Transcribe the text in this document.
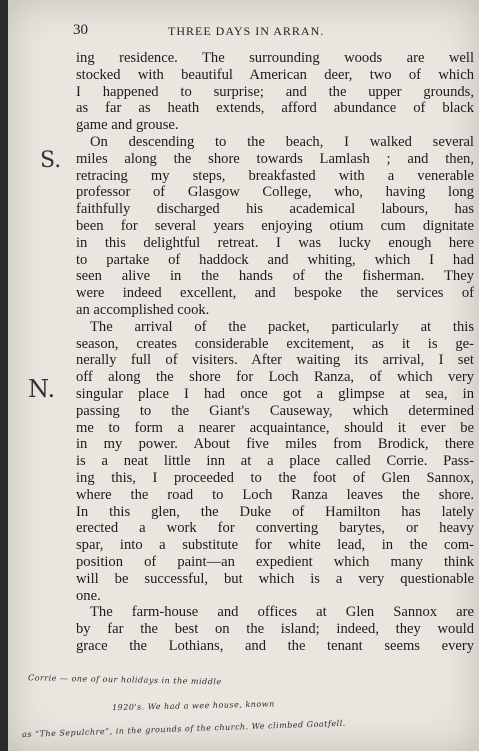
30	THREE DAYS IN ARRAN.
ing residence. The surrounding woods are well
stocked with beautiful American deer, two of which
I happened to surprise; and the upper grounds,
as far as heath extends, afford abundance of black
game and grouse.
On descending to the beach, I walked several
miles along the shore towards Lamlash ; and then,
retracing my steps, breakfasted with a venerable
professor of Glasgow College, who, having long
faithfully discharged his academical labours, has
been for several years enjoying otium cum dignitate
in this delightful retreat. I was lucky enough here
to partake of haddock and whiting, which I had
seen alive in the hands of the fisherman. They
were indeed excellent, and bespoke the services of
an accomplished cook.
The arrival of the packet, particularly at this
season, creates considerable excitement, as it is ge-
nerally full of visiters. After waiting its arrival, I set
off along the shore for Loch Ranza, of which very
singular place I had once got a glimpse at sea, in
passing to the Giant's Causeway, which determined
me to form a nearer acquaintance, should it ever be
in my power. About five miles from Brodick, there
is a neat little inn at a place called Corrie. Pass-
ing this, I proceeded to the foot of Glen Sannox,
where the road to Loch Ranza leaves the shore.
In this glen, the Duke of Hamilton has lately
erected a work for converting barytes, or heavy
spar, into a substitute for white lead, in the com-
position of paint—an expedient which many think
will be successful, but which is a very questionable
one.
The farm-house and offices at Glen Sannox are
by far the best on the island; indeed, they would
grace the Lothians, and the tenant seems every
S.
N.
Corrie — one of our holidays in the middle
1920's. We had a wee house, known
as “The Sepulchre”, in the grounds of the church. We climbed Goatfell.
